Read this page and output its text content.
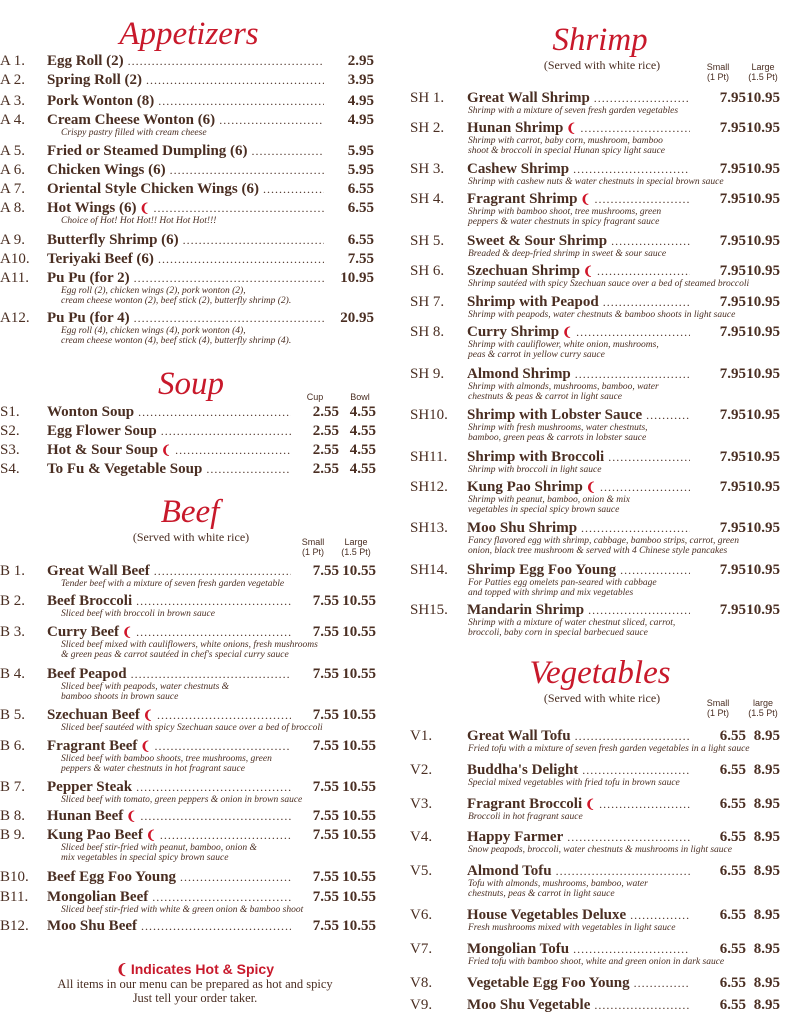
Appetizers
A 1.	Egg Roll (2) .....	2.95
A 2.	Spring Roll (2) .....	3.95
A 3.	Pork Wonton (8) .....	4.95
A 4.	Cream Cheese Wonton (6) .....	4.95
Crispy pastry filled with cream cheese
A 5.	Fried or Steamed Dumpling (6) .....	5.95
A 6.	Chicken Wings (6) .....	5.95
A 7.	Oriental Style Chicken Wings (6) .....	6.55
A 8.	Hot Wings (6) ❨ .....	6.55
Choice of Hot! Hot Hot!! Hot Hot Hot!!!
A 9.	Butterfly Shrimp (6) .....	6.55
A10.	Teriyaki Beef (6) .....	7.55
A11.	Pu Pu (for 2) .....	10.95
Egg roll (2), chicken wings (2), pork wonton (2),
cream cheese wonton (2), beef stick (2), butterfly shrimp (2).
A12.	Pu Pu (for 4) .....	20.95
Egg roll (4), chicken wings (4), pork wonton (4),
cream cheese wonton (4), beef stick (4), butterfly shrimp (4).
Soup	Cup	Bowl
S1.	Wonton Soup .....	2.55 4.55
S2.	Egg Flower Soup .....	2.55 4.55
S3.	Hot & Sour Soup ❨ .....	2.55 4.55
S4.	To Fu & Vegetable Soup .....	2.55 4.55
Beef
(Served with white rice)	Small
(1 Pt)
Large
(1.5 Pt)
B 1.	Great Wall Beef .....	7.55 10.55
Tender beef with a mixture of seven fresh garden vegetable
B 2.	Beef Broccoli .....	7.55 10.55
Sliced beef with broccoli in brown sauce
B 3.	Curry Beef ❨ .....	7.55 10.55
Sliced beef mixed with cauliflowers, white onions, fresh mushrooms
& green peas & carrot sautéed in chef's special curry sauce
B 4.	Beef Peapod .....	7.55 10.55
Sliced beef with peapods, water chestnuts &
bamboo shoots in brown sauce
B 5.	Szechuan Beef ❨ .....	7.55 10.55
Sliced beef sautéed with spicy Szechuan sauce over a bed of broccoli
B 6.	Fragrant Beef ❨ .....	7.55 10.55
Sliced beef with bamboo shoots, tree mushrooms, green
peppers & water chestnuts in hot fragrant sauce
B 7.	Pepper Steak .....	7.55 10.55
Sliced beef with tomato, green peppers & onion in brown sauce
B 8.	Hunan Beef ❨ .....	7.55 10.55
B 9.	Kung Pao Beef ❨ .....	7.55 10.55
Sliced beef stir-fried with peanut, bamboo, onion &
mix vegetables in special spicy brown sauce
B10.	Beef Egg Foo Young .....	7.55 10.55
B11.	Mongolian Beef .....	7.55 10.55
Sliced beef stir-fried with white & green onion & bamboo shoot
B12.	Moo Shu Beef .....	7.55 10.55
❨ Indicates Hot & Spicy
All items in our menu can be prepared as hot and spicy
Just tell your order taker.
Shrimp
(Served with white rice)	Small
(1 Pt)
Large
(1.5 Pt)
SH 1.	Great Wall Shrimp .....	7.95 10.95
Shrimp with a mixture of seven fresh garden vegetables
SH 2.	Hunan Shrimp ❨ .....	7.95 10.95
Shrimp with carrot, baby corn, mushroom, bamboo
shoot & broccoli in special Hunan spicy light sauce
SH 3.	Cashew Shrimp .....	7.95 10.95
Shrimp with cashew nuts & water chestnuts in special brown sauce
SH 4.	Fragrant Shrimp ❨ .....	7.95 10.95
Shrimp with bamboo shoot, tree mushrooms, green
peppers & water chestnuts in spicy fragrant sauce
SH 5.	Sweet & Sour Shrimp .....	7.95 10.95
Breaded & deep-fried shrimp in sweet & sour sauce
SH 6.	Szechuan Shrimp ❨ .....	7.95 10.95
Shrimp sautéed with spicy Szechuan sauce over a bed of steamed broccoli
SH 7.	Shrimp with Peapod .....	7.95 10.95
Shrimp with peapods, water chestnuts & bamboo shoots in light sauce
SH 8.	Curry Shrimp ❨ .....	7.95 10.95
Shrimp with cauliflower, white onion, mushrooms,
peas & carrot in yellow curry sauce
SH 9.	Almond Shrimp .....	7.95 10.95
Shrimp with almonds, mushrooms, bamboo, water
chestnuts & peas & carrot in light sauce
SH10.	Shrimp with Lobster Sauce .....	7.95 10.95
Shrimp with fresh mushrooms, water chestnuts,
bamboo, green peas & carrots in lobster sauce
SH11.	Shrimp with Broccoli .....	7.95 10.95
Shrimp with broccoli in light sauce
SH12.	Kung Pao Shrimp ❨ .....	7.95 10.95
Shrimp with peanut, bamboo, onion & mix
vegetables in special spicy brown sauce
SH13.	Moo Shu Shrimp .....	7.95 10.95
Fancy flavored egg with shrimp, cabbage, bamboo strips, carrot, green
onion, black tree mushroom & served with 4 Chinese style pancakes
SH14.	Shrimp Egg Foo Young .....	7.95 10.95
For Patties egg omelets pan-seared with cabbage
and topped with shrimp and mix vegetables
SH15.	Mandarin Shrimp .....	7.95 10.95
Shrimp with a mixture of water chestnut sliced, carrot,
broccoli, baby corn in special barbecued sauce
Vegetables
(Served with white rice)	Small
(1 Pt)
large
(1.5 Pt)
V1.	Great Wall Tofu .....	6.55 8.95
Fried tofu with a mixture of seven fresh garden vegetables in a light sauce
V2.	Buddha's Delight .....	6.55 8.95
Special mixed vegetables with fried tofu in brown sauce
V3.	Fragrant Broccoli ❨ .....	6.55 8.95
Broccoli in hot fragrant sauce
V4.	Happy Farmer .....	6.55 8.95
Snow peapods, broccoli, water chestnuts & mushrooms in light sauce
V5.	Almond Tofu .....	6.55 8.95
Tofu with almonds, mushrooms, bamboo, water
chestnuts, peas & carrot in light sauce
V6.	House Vegetables Deluxe .....	6.55 8.95
Fresh mushrooms mixed with vegetables in light sauce
V7.	Mongolian Tofu .....	6.55 8.95
Fried tofu with bamboo shoot, white and green onion in dark sauce
V8.	Vegetable Egg Foo Young .....	6.55 8.95
V9.	Moo Shu Vegetable .....	6.55 8.95
